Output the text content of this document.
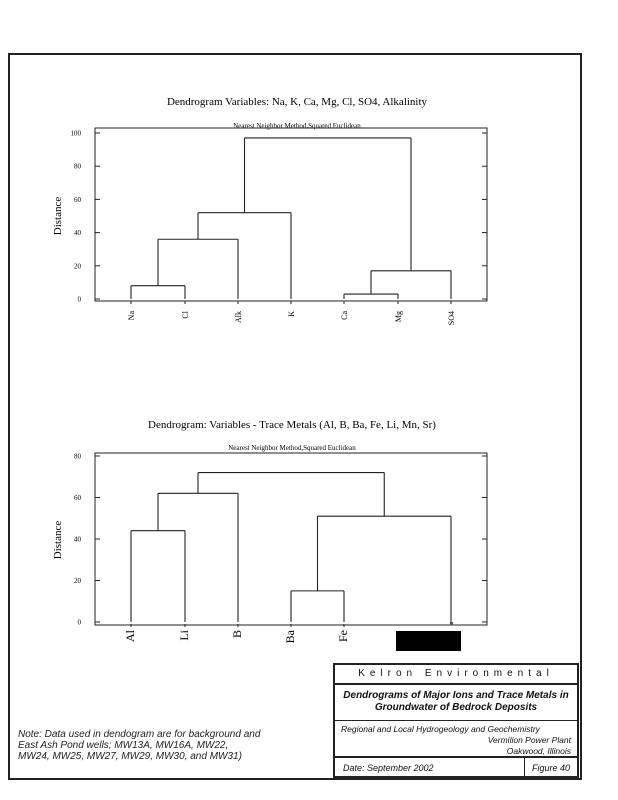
Dendrogram Variables: Na, K, Ca, Mg, Cl, SO4, Alkalinity
Nearest Neighbor Method,Squared Euclidean
Distance
0
20
40
60
80
100
Na	Cl	Alk	K	Ca	Mg	SO4
Dendrogram: Variables - Trace Metals (Al, B, Ba, Fe, Li, Mn, Sr)
Nearest Neighbor Method,Squared Euclidean
Distance
0
20
40
60
80
Al	Li	B	Ba	Fe
Note: Data used in dendogram are for background and
East Ash Pond wells; MW13A, MW16A, MW22,
MW24, MW25, MW27, MW29, MW30, and MW31)
Kelron Environmental
Dendrograms of Major Ions and Trace Metals in
Groundwater of Bedrock Deposits
Regional and Local Hydrogeology and Geochemistry
Vermilion Power Plant
Oakwood, Illinois
Date: September 2002	Figure 40
